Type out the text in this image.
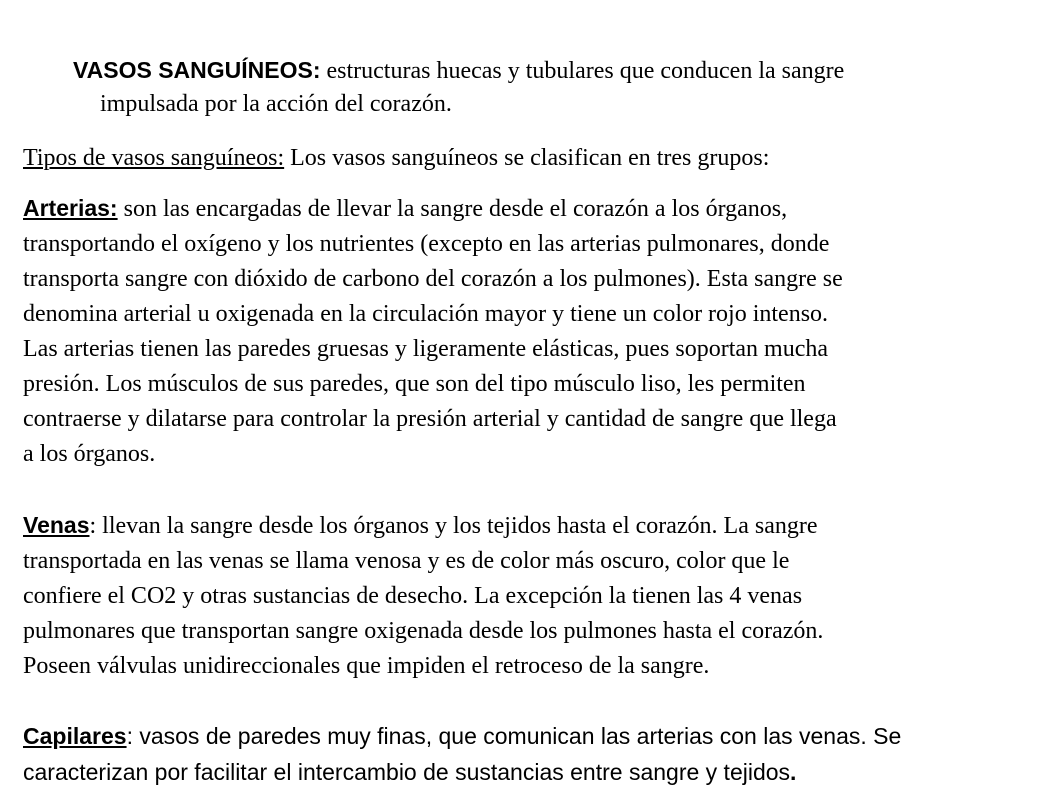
VASOS SANGUÍNEOS: estructuras huecas y tubulares que conducen la sangre
impulsada por la acción del corazón.

Tipos de vasos sanguíneos: Los vasos sanguíneos se clasifican en tres grupos:

Arterias: son las encargadas de llevar la sangre desde el corazón a los órganos,
transportando el oxígeno y los nutrientes (excepto en las arterias pulmonares, donde
transporta sangre con dióxido de carbono del corazón a los pulmones). Esta sangre se
denomina arterial u oxigenada en la circulación mayor y tiene un color rojo intenso.
Las arterias tienen las paredes gruesas y ligeramente elásticas, pues soportan mucha
presión. Los músculos de sus paredes, que son del tipo músculo liso, les permiten
contraerse y dilatarse para controlar la presión arterial y cantidad de sangre que llega
a los órganos.

Venas: llevan la sangre desde los órganos y los tejidos hasta el corazón. La sangre
transportada en las venas se llama venosa y es de color más oscuro, color que le
confiere el CO2 y otras sustancias de desecho. La excepción la tienen las 4 venas
pulmonares que transportan sangre oxigenada desde los pulmones hasta el corazón.
Poseen válvulas unidireccionales que impiden el retroceso de la sangre.

Capilares: vasos de paredes muy finas, que comunican las arterias con las venas. Se
caracterizan por facilitar el intercambio de sustancias entre sangre y tejidos.
